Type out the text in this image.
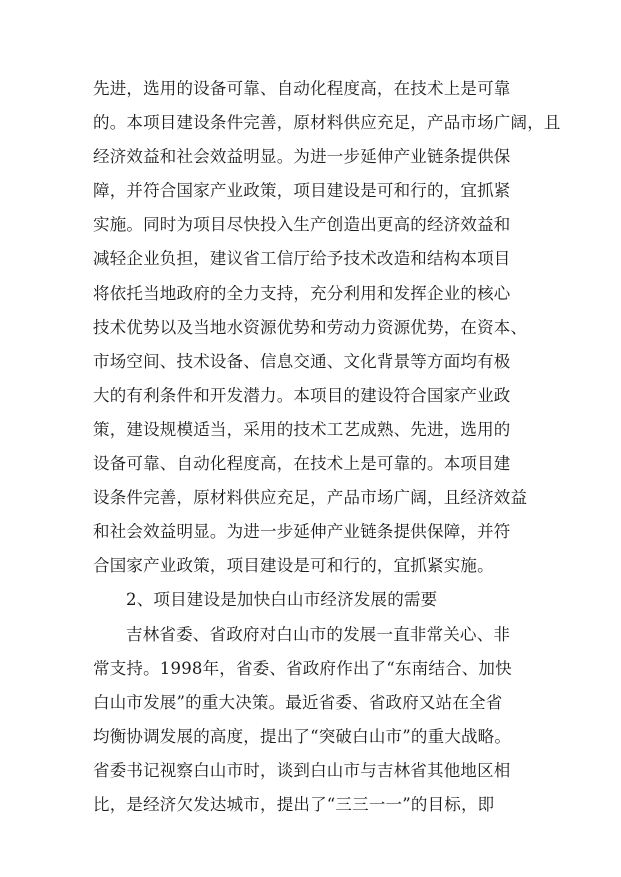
先进，选用的设备可靠、自动化程度高，在技术上是可靠
的。本项目建设条件完善，原材料供应充足，产品市场广阔，且
经济效益和社会效益明显。为进一步延伸产业链条提供保
障，并符合国家产业政策，项目建设是可和行的，宜抓紧
实施。同时为项目尽快投入生产创造出更高的经济效益和
减轻企业负担，建议省工信厅给予技术改造和结构本项目
将依托当地政府的全力支持，充分利用和发挥企业的核心
技术优势以及当地水资源优势和劳动力资源优势，在资本、
市场空间、技术设备、信息交通、文化背景等方面均有极
大的有利条件和开发潜力。本项目的建设符合国家产业政
策，建设规模适当，采用的技术工艺成熟、先进，选用的
设备可靠、自动化程度高，在技术上是可靠的。本项目建
设条件完善，原材料供应充足，产品市场广阔，且经济效益
和社会效益明显。为进一步延伸产业链条提供保障，并符
合国家产业政策，项目建设是可和行的，宜抓紧实施。
2、项目建设是加快白山市经济发展的需要
吉林省委、省政府对白山市的发展一直非常关心、非
常支持。1998年，省委、省政府作出了“东南结合、加快
白山市发展”的重大决策。最近省委、省政府又站在全省
均衡协调发展的高度，提出了“突破白山市”的重大战略。
省委书记视察白山市时，谈到白山市与吉林省其他地区相
比，是经济欠发达城市，提出了“三三一一”的目标，即
